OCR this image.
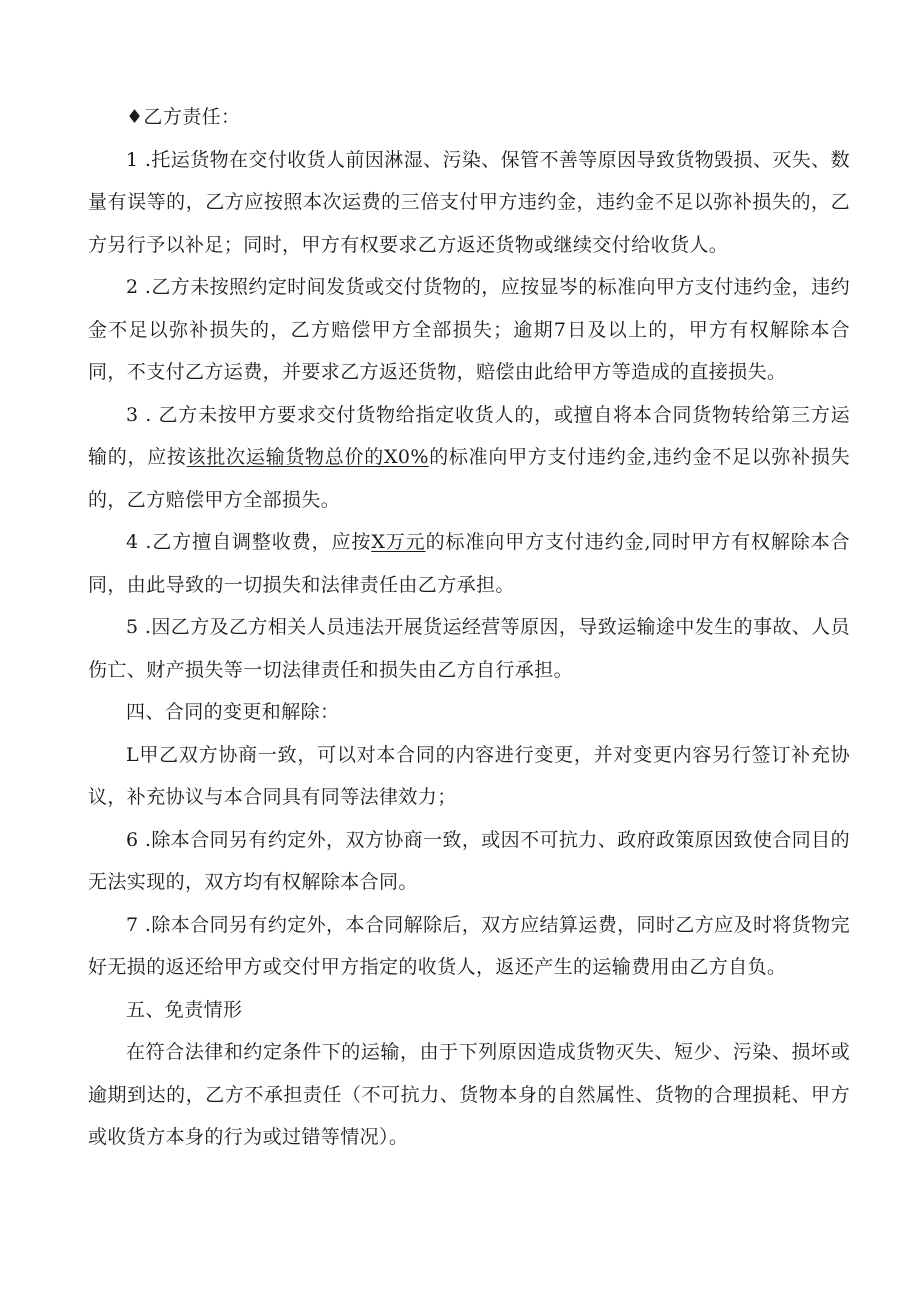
♦乙方责任：

1 .托运货物在交付收货人前因淋湿、污染、保管不善等原因导致货物毁损、灭失、数量有误等的，乙方应按照本次运费的三倍支付甲方违约金，违约金不足以弥补损失的，乙方另行予以补足；同时，甲方有权要求乙方返还货物或继续交付给收货人。

2 .乙方未按照约定时间发货或交付货物的，应按显岑的标准向甲方支付违约金，违约金不足以弥补损失的，乙方赔偿甲方全部损失；逾期7日及以上的，甲方有权解除本合同，不支付乙方运费，并要求乙方返还货物，赔偿由此给甲方等造成的直接损失。

3 . 乙方未按甲方要求交付货物给指定收货人的，或擅自将本合同货物转给第三方运输的，应按该批次运输货物总价的X0%的标准向甲方支付违约金,违约金不足以弥补损失的，乙方赔偿甲方全部损失。

4 .乙方擅自调整收费，应按X万元的标准向甲方支付违约金,同时甲方有权解除本合同，由此导致的一切损失和法律责任由乙方承担。

5 .因乙方及乙方相关人员违法开展货运经营等原因，导致运输途中发生的事故、人员伤亡、财产损失等一切法律责任和损失由乙方自行承担。

四、合同的变更和解除：

L甲乙双方协商一致，可以对本合同的内容进行变更，并对变更内容另行签订补充协议，补充协议与本合同具有同等法律效力；

6 .除本合同另有约定外，双方协商一致，或因不可抗力、政府政策原因致使合同目的无法实现的，双方均有权解除本合同。

7 .除本合同另有约定外，本合同解除后，双方应结算运费，同时乙方应及时将货物完好无损的返还给甲方或交付甲方指定的收货人，返还产生的运输费用由乙方自负。

五、免责情形

在符合法律和约定条件下的运输，由于下列原因造成货物灭失、短少、污染、损坏或逾期到达的，乙方不承担责任（不可抗力、货物本身的自然属性、货物的合理损耗、甲方或收货方本身的行为或过错等情况）。
